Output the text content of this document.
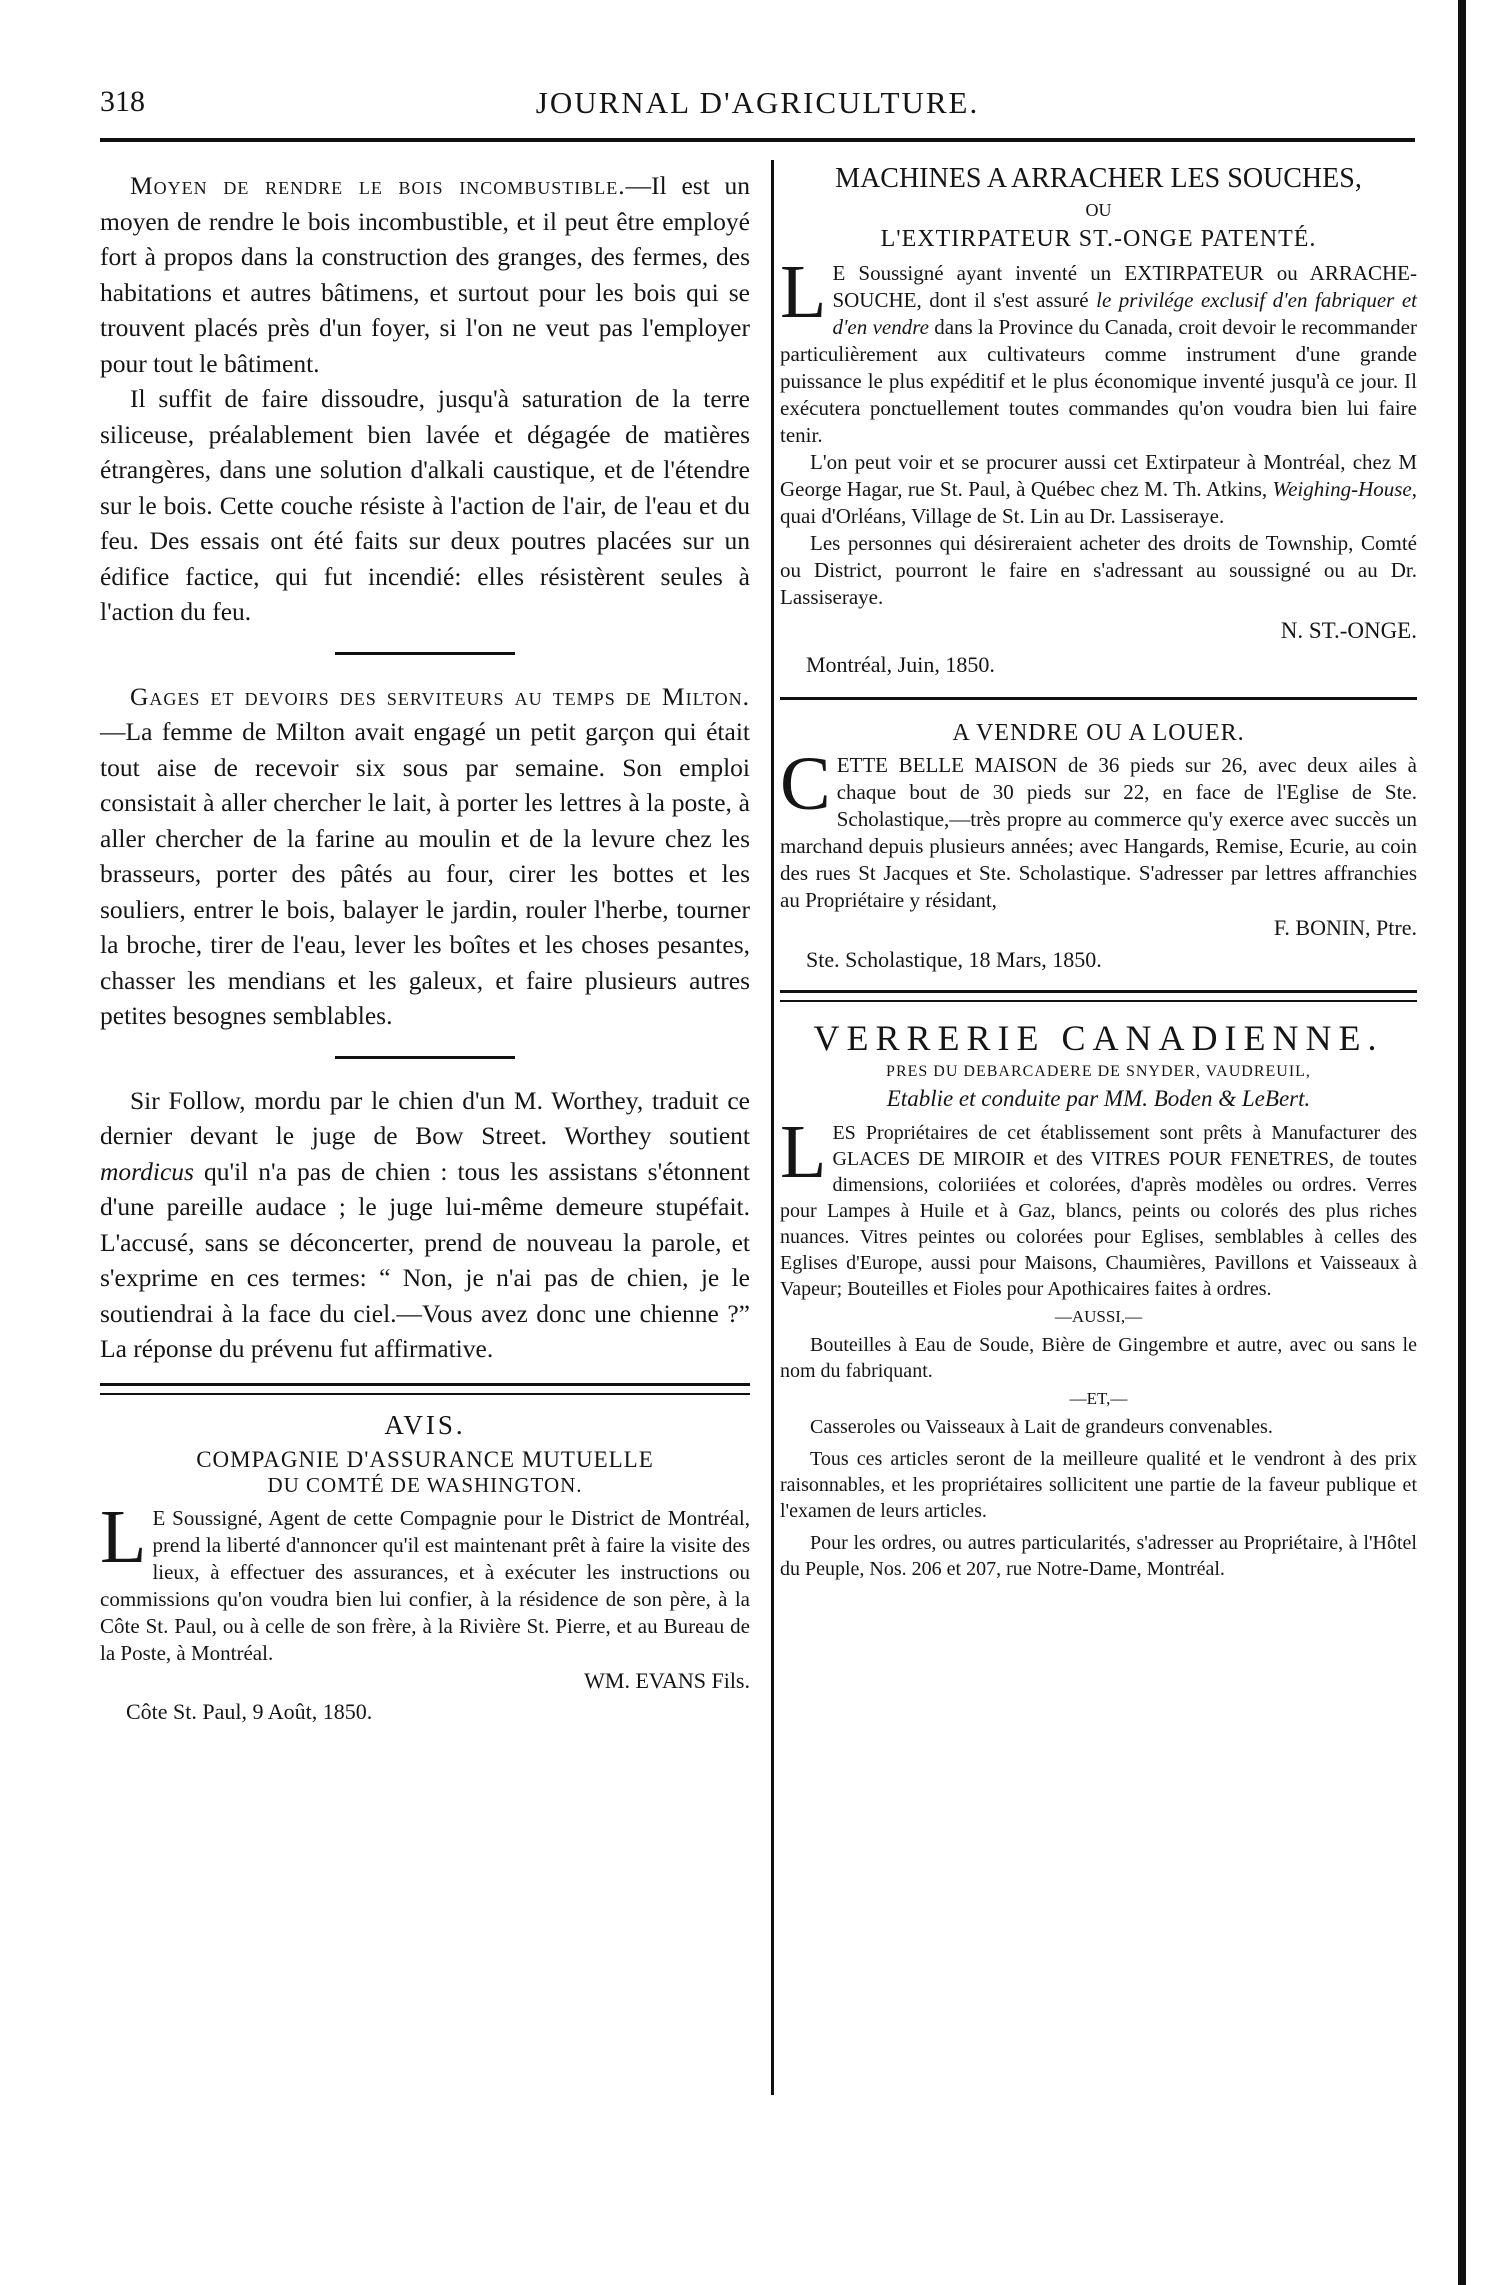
JOURNAL D'AGRICULTURE.
318

Moyen de rendre le bois incombustible.—Il est un moyen de rendre le bois incombustible, et il peut être employé fort à propos dans la construction des granges, des fermes, des habitations et autres bâtimens, et surtout pour les bois qui se trouvent placés près d'un foyer, si l'on ne veut pas l'employer pour tout le bâtiment.

Il suffit de faire dissoudre, jusqu'à saturation de la terre siliceuse, préalablement bien lavée et dégagée de matières étrangères, dans une solution d'alkali caustique, et de l'étendre sur le bois. Cette couche résiste à l'action de l'air, de l'eau et du feu. Des essais ont été faits sur deux poutres placées sur un édifice factice, qui fut incendié: elles résistèrent seules à l'action du feu.

Gages et devoirs des serviteurs au temps de Milton.—La femme de Milton avait engagé un petit garçon qui était tout aise de recevoir six sous par semaine. Son emploi consistait à aller chercher le lait, à porter les lettres à la poste, à aller chercher de la farine au moulin et de la levure chez les brasseurs, porter des pâtés au four, cirer les bottes et les souliers, entrer le bois, balayer le jardin, rouler l'herbe, tourner la broche, tirer de l'eau, lever les boîtes et les choses pesantes, chasser les mendians et les galeux, et faire plusieurs autres petites besognes semblables.

Sir Follow, mordu par le chien d'un M. Worthey, traduit ce dernier devant le juge de Bow Street. Worthey soutient mordicus qu'il n'a pas de chien : tous les assistans s'étonnent d'une pareille audace ; le juge lui-même demeure stupéfait. L'accusé, sans se déconcerter, prend de nouveau la parole, et s'exprime en ces termes: “ Non, je n'ai pas de chien, je le soutiendrai à la face du ciel.—Vous avez donc une chienne ?” La réponse du prévenu fut affirmative.

AVIS.

COMPAGNIE D'ASSURANCE MUTUELLE

DU COMTÉ DE WASHINGTON.

L E Soussigné, Agent de cette Compagnie pour le District de Montréal, prend la liberté d'annoncer qu'il est maintenant prêt à faire la visite des lieux, à effectuer des assurances, et à exécuter les instructions ou commissions qu'on voudra bien lui confier, à la résidence de son père, à la Côte St. Paul, ou à celle de son frère, à la Rivière St. Pierre, et au Bureau de la Poste, à Montréal.

WM. EVANS Fils.

Côte St. Paul, 9 Août, 1850.

MACHINES A ARRACHER LES SOUCHES,

OU

L'EXTIRPATEUR ST.-ONGE PATENTÉ.

L E Soussigné ayant inventé un EXTIRPATEUR ou ARRACHE-SOUCHE, dont il s'est assuré le privilége exclusif d'en fabriquer et d'en vendre dans la Province du Canada, croit devoir le recommander particulièrement aux cultivateurs comme instrument d'une grande puissance le plus expéditif et le plus économique inventé jusqu'à ce jour. Il exécutera ponctuellement toutes commandes qu'on voudra bien lui faire tenir.

L'on peut voir et se procurer aussi cet Extirpateur à Montréal, chez M George Hagar, rue St. Paul, à Québec chez M. Th. Atkins, Weighing-House, quai d'Orléans, Village de St. Lin au Dr. Lassiseraye.

Les personnes qui désireraient acheter des droits de Township, Comté ou District, pourront le faire en s'adressant au soussigné ou au Dr. Lassiseraye.

N. ST.-ONGE.

Montréal, Juin, 1850.

A VENDRE OU A LOUER.

CETTE BELLE MAISON de 36 pieds sur 26, avec deux ailes à chaque bout de 30 pieds sur 22, en face de l'Eglise de Ste. Scholastique,—très propre au commerce qu'y exerce avec succès un marchand depuis plusieurs années; avec Hangards, Remise, Ecurie, au coin des rues St Jacques et Ste. Scholastique. S'adresser par lettres affranchies au Propriétaire y résidant,

F. BONIN, Ptre.

Ste. Scholastique, 18 Mars, 1850.

VERRERIE CANADIENNE.

PRES DU DEBARCADERE DE SNYDER, VAUDREUIL,

Etablie et conduite par MM. Boden & LeBert.

LES Propriétaires de cet établissement sont prêts à Manufacturer des GLACES DE MIROIR et des VITRES POUR FENETRES, de toutes dimensions, coloriiées et colorées, d'après modèles ou ordres. Verres pour Lampes à Huile et à Gaz, blancs, peints ou colorés des plus riches nuances. Vitres peintes ou colorées pour Eglises, semblables à celles des Eglises d'Europe, aussi pour Maisons, Chaumières, Pavillons et Vaisseaux à Vapeur; Bouteilles et Fioles pour Apothicaires faites à ordres.

—AUSSI,—

Bouteilles à Eau de Soude, Bière de Gingembre et autre, avec ou sans le nom du fabriquant.

—ET,—

Casseroles ou Vaisseaux à Lait de grandeurs convenables.

Tous ces articles seront de la meilleure qualité et le vendront à des prix raisonnables, et les propriétaires sollicitent une partie de la faveur publique et l'examen de leurs articles.

Pour les ordres, ou autres particularités, s'adresser au Propriétaire, à l'Hôtel du Peuple, Nos. 206 et 207, rue Notre-Dame, Montréal.
